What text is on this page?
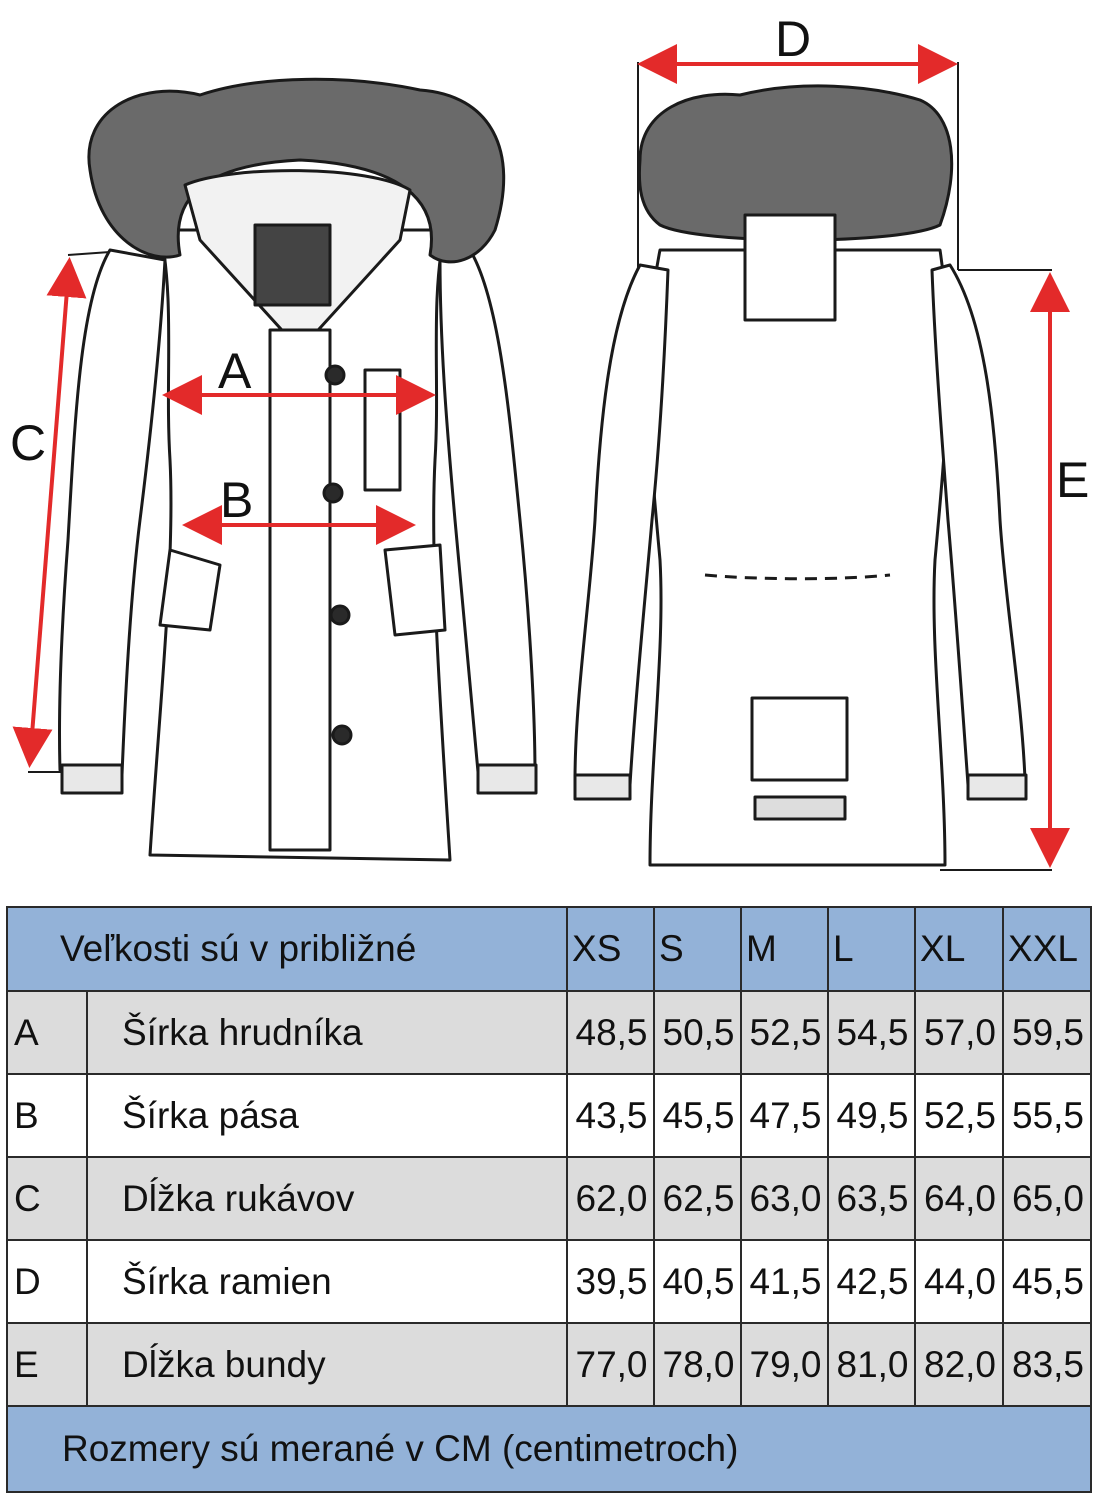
A
B
C
D
E
Veľkosti sú v približné		XS	S	M	L	XL	XXL
A	Šírka hrudníka	48,5	50,5	52,5	54,5	57,0	59,5
B	Šírka pása	43,5	45,5	47,5	49,5	52,5	55,5
C	Dĺžka rukávov	62,0	62,5	63,0	63,5	64,0	65,0
D	Šírka ramien	39,5	40,5	41,5	42,5	44,0	45,5
E	Dĺžka bundy	77,0	78,0	79,0	81,0	82,0	83,5
Rozmery sú merané v CM (centimetroch)							
